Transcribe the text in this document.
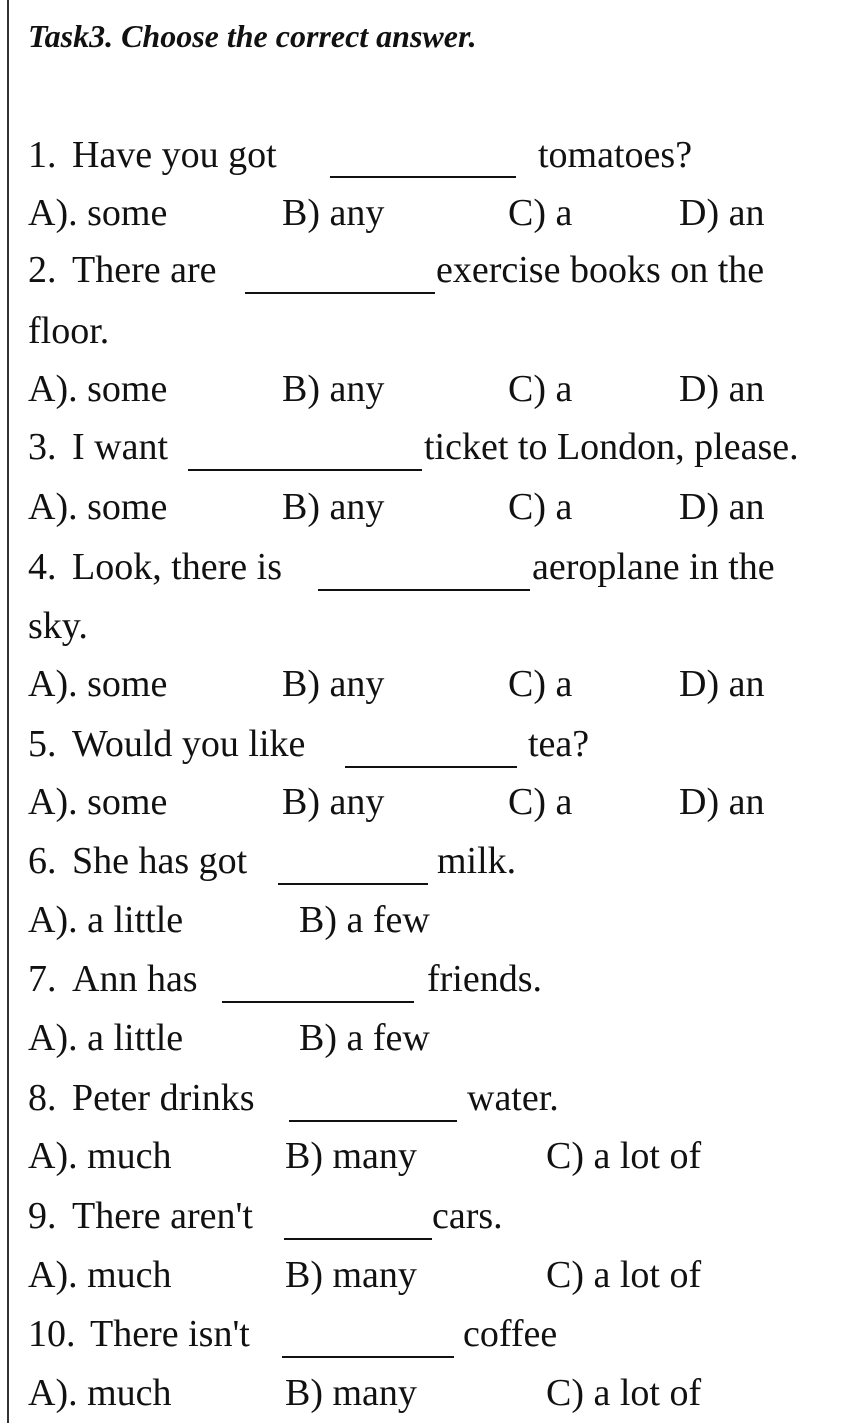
Task3. Choose the correct answer.
1. Have you got	tomatoes?
A). some	B) any	C) a	D) an
2. There are	exercise books on the
floor.
A). some	B) any	C) a	D) an
3. I want	ticket to London, please.
A). some	B) any	C) a	D) an
4. Look, there is	aeroplane in the
sky.
A). some	B) any	C) a	D) an
5. Would you like	tea?
A). some	B) any	C) a	D) an
6. She has got	milk.
A). a little	B) a few
7. Ann has	friends.
A). a little	B) a few
8. Peter drinks	water.
A). much	B) many	C) a lot of
9. There aren't	cars.
A). much	B) many	C) a lot of
10. There isn't	coffee
A). much	B) many	C) a lot of
